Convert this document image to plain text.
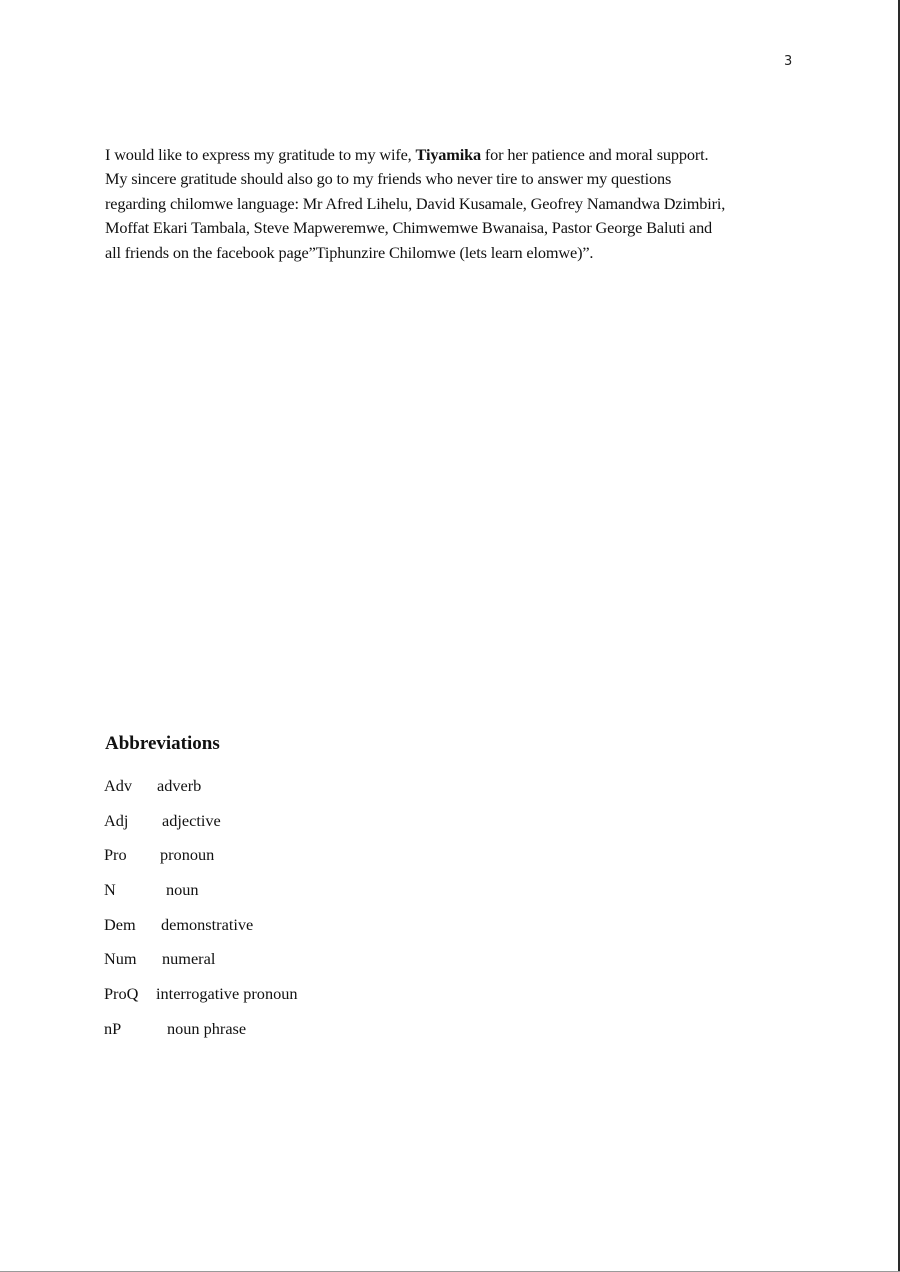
3
I would like to express my gratitude to my wife, Tiyamika for her patience and moral support.
My sincere gratitude should also go to my friends who never tire to answer my questions
regarding chilomwe language: Mr Afred Lihelu, David Kusamale, Geofrey Namandwa Dzimbiri,
Moffat Ekari Tambala, Steve Mapweremwe, Chimwemwe Bwanaisa, Pastor George Baluti and
all friends on the facebook page”Tiphunzire Chilomwe (lets learn elomwe)”.
Abbreviations
Adv adverb
Adj adjective
Pro pronoun
N	noun
Dem demonstrative
Num numeral
ProQ interrogative pronoun
nP	noun phrase
